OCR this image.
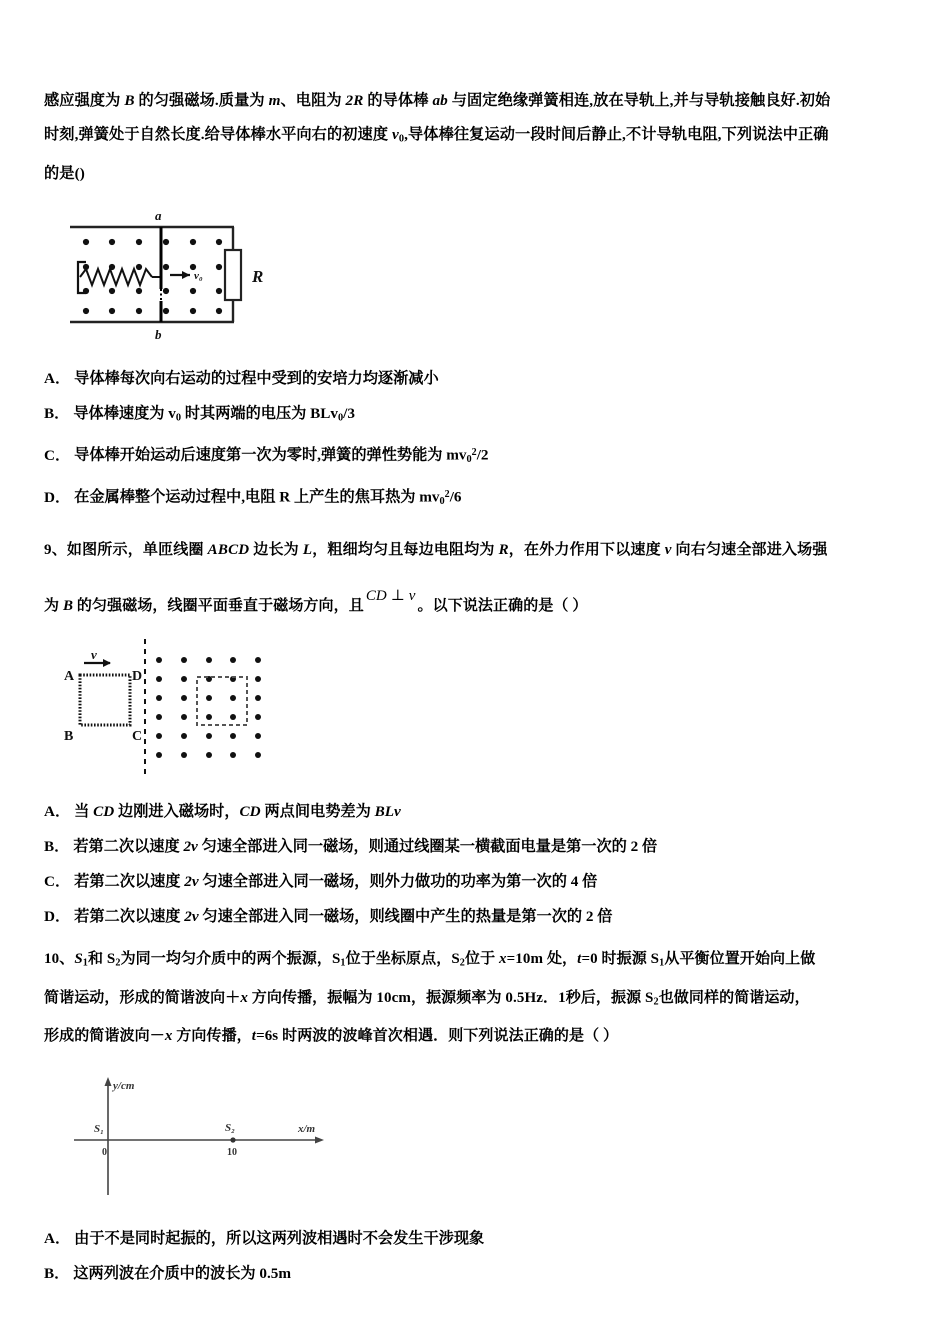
感应强度为 B 的匀强磁场.质量为 m、电阻为 2R 的导体棒 ab 与固定绝缘弹簧相连,放在导轨上,并与导轨接触良好.初始
时刻,弹簧处于自然长度.给导体棒水平向右的初速度 $v_0$,导体棒往复运动一段时间后静止,不计导轨电阻,下列说法中正确
的是()
a
b
R
v₀
A． 导体棒每次向右运动的过程中受到的安培力均逐渐减小
B． 导体棒速度为 $v_0$ 时其两端的电压为 BLv$_0$/3
C． 导体棒开始运动后速度第一次为零时,弹簧的弹性势能为 $mv_0^2/2$
D． 在金属棒整个运动过程中,电阻 R 上产生的焦耳热为 $mv_0^2/6$
9、如图所示，单匝线圈 ABCD 边长为 L，粗细均匀且每边电阻均为 R，在外力作用下以速度 v 向右匀速全部进入场强
为 B 的匀强磁场，线圈平面垂直于磁场方向，且CD ⊥ v。以下说法正确的是（ ）
v
A	D
B	C
A． 当 CD 边刚进入磁场时，CD 两点间电势差为 BLv
B． 若第二次以速度 2v 匀速全部进入同一磁场，则通过线圈某一横截面电量是第一次的 2 倍
C． 若第二次以速度 2v 匀速全部进入同一磁场，则外力做功的功率为第一次的 4 倍
D． 若第二次以速度 2v 匀速全部进入同一磁场，则线圈中产生的热量是第一次的 2 倍
10、$S_1$和 $S_2$为同一均匀介质中的两个振源，$S_1$位于坐标原点，$S_2$位于 x=10m 处，t=0 时振源 $S_1$从平衡位置开始向上做
简谐运动，形成的简谐波向＋x 方向传播，振幅为 10cm，振源频率为 0.5Hz．1秒后，振源 $S_2$也做同样的简谐运动，
形成的简谐波向－x 方向传播，t=6s 时两波的波峰首次相遇．则下列说法正确的是（ ）
y/cm
x/m
0
S₁	S₂
10
A． 由于不是同时起振的，所以这两列波相遇时不会发生干涉现象
B． 这两列波在介质中的波长为 0.5m
